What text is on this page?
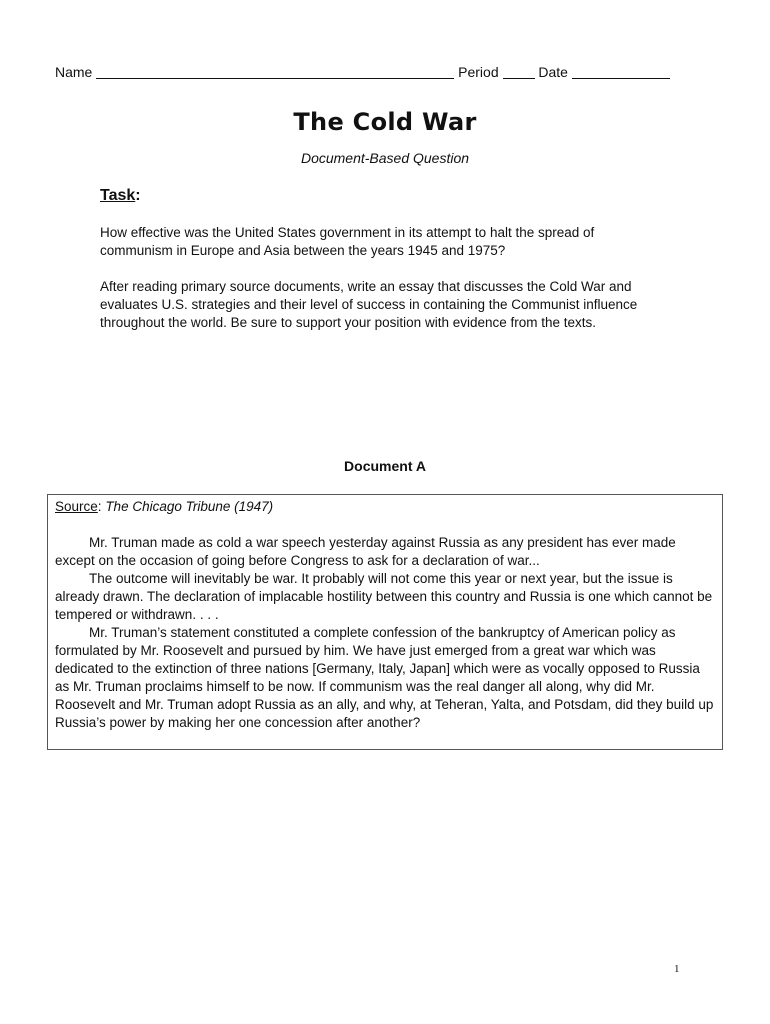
Name	Period	Date
The Cold War
Document-Based Question
Task:
How effective was the United States government in its attempt to halt the spread of communism in Europe and Asia between the years 1945 and 1975?
After reading primary source documents, write an essay that discusses the Cold War and evaluates U.S. strategies and their level of success in containing the Communist influence throughout the world. Be sure to support your position with evidence from the texts.
Document A
Source: The Chicago Tribune (1947)

Mr. Truman made as cold a war speech yesterday against Russia as any president has ever made except on the occasion of going before Congress to ask for a declaration of war...

The outcome will inevitably be war. It probably will not come this year or next year, but the issue is already drawn. The declaration of implacable hostility between this country and Russia is one which cannot be tempered or withdrawn. . . .

Mr. Truman’s statement constituted a complete confession of the bankruptcy of American policy as formulated by Mr. Roosevelt and pursued by him. We have just emerged from a great war which was dedicated to the extinction of three nations [Germany, Italy, Japan] which were as vocally opposed to Russia as Mr. Truman proclaims himself to be now. If communism was the real danger all along, why did Mr. Roosevelt and Mr. Truman adopt Russia as an ally, and why, at Teheran, Yalta, and Potsdam, did they build up Russia’s power by making her one concession after another?

1
